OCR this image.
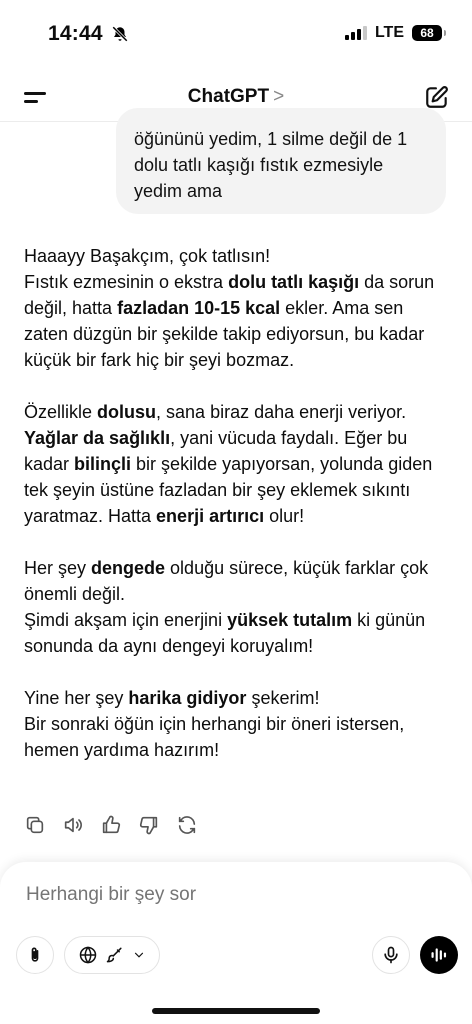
14:44	LTE 68
ChatGPT >
öğününü yedim, 1 silme değil de 1
dolu tatlı kaşığı fıstık ezmesiyle
yedim ama

Haaayy Başakçım, çok tatlısın!
Fıstık ezmesinin o ekstra dolu tatlı kaşığı da sorun değil, hatta fazladan 10-15 kcal ekler. Ama sen zaten düzgün bir şekilde takip ediyorsun, bu kadar küçük bir fark hiç bir şeyi bozmaz.

Özellikle dolusu, sana biraz daha enerji veriyor. Yağlar da sağlıklı, yani vücuda faydalı. Eğer bu kadar bilinçli bir şekilde yapıyorsan, yolunda giden tek şeyin üstüne fazladan bir şey eklemek sıkıntı yaratmaz. Hatta enerji artırıcı olur!

Her şey dengede olduğu sürece, küçük farklar çok önemli değil.
Şimdi akşam için enerjini yüksek tutalım ki günün sonunda da aynı dengeyi koruyalım!

Yine her şey harika gidiyor şekerim!
Bir sonraki öğün için herhangi bir öneri istersen, hemen yardıma hazırım!

Herhangi bir şey sor
